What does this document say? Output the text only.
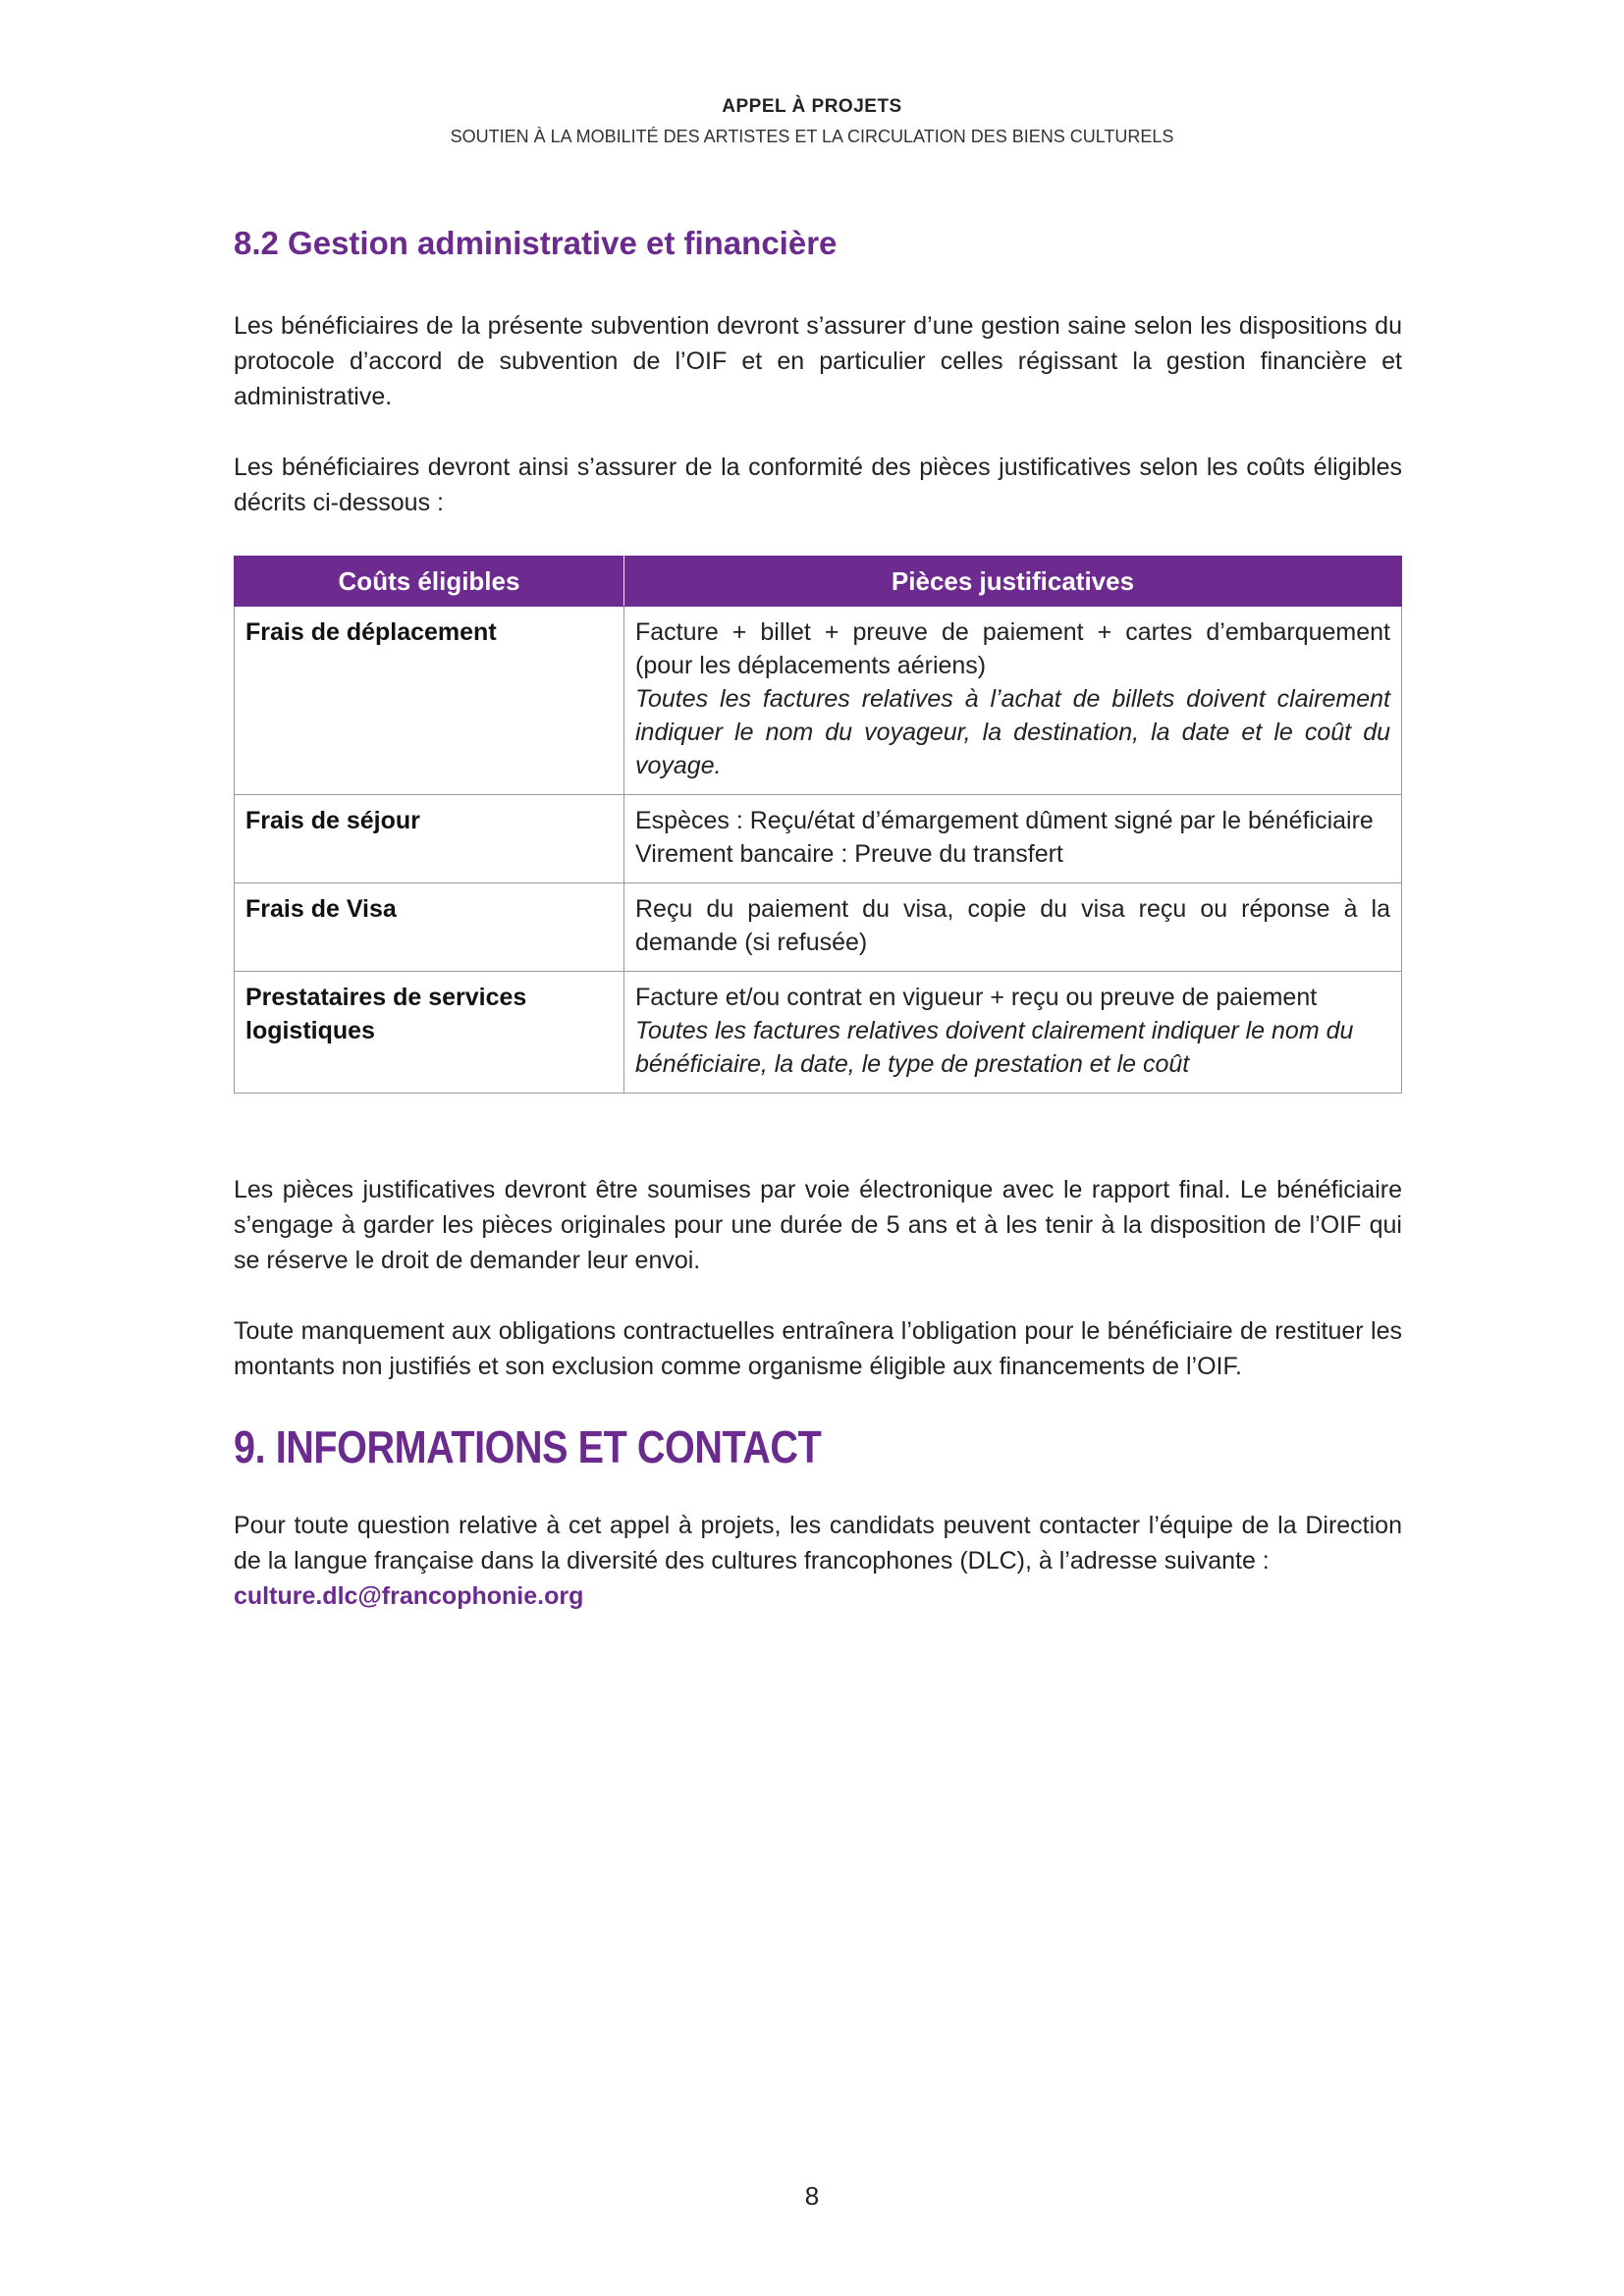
APPEL À PROJETS
SOUTIEN À LA MOBILITÉ DES ARTISTES ET LA CIRCULATION DES BIENS CULTURELS
8.2 Gestion administrative et financière

Les bénéficiaires de la présente subvention devront s’assurer d’une gestion saine selon les dispositions du protocole d’accord de subvention de l’OIF et en particulier celles régissant la gestion financière et administrative.

Les bénéficiaires devront ainsi s’assurer de la conformité des pièces justificatives selon les coûts éligibles décrits ci-dessous :

Coûts éligibles	Pièces justificatives
Frais de déplacement	Facture + billet + preuve de paiement + cartes d’embarquement (pour les déplacements aériens)
Toutes les factures relatives à l’achat de billets doivent clairement indiquer le nom du voyageur, la destination, la date et le coût du voyage.

Frais de séjour	Espèces : Reçu/état d’émargement dûment signé par le bénéficiaire
Virement bancaire : Preuve du transfert

Frais de Visa	Reçu du paiement du visa, copie du visa reçu ou réponse à la demande (si refusée)

Prestataires de services logistiques	Facture et/ou contrat en vigueur + reçu ou preuve de paiement
Toutes les factures relatives doivent clairement indiquer le nom du bénéficiaire, la date, le type de prestation et le coût

Les pièces justificatives devront être soumises par voie électronique avec le rapport final. Le bénéficiaire s’engage à garder les pièces originales pour une durée de 5 ans et à les tenir à la disposition de l’OIF qui se réserve le droit de demander leur envoi.

Toute manquement aux obligations contractuelles entraînera l’obligation pour le bénéficiaire de restituer les montants non justifiés et son exclusion comme organisme éligible aux financements de l’OIF.

9. INFORMATIONS ET CONTACT

Pour toute question relative à cet appel à projets, les candidats peuvent contacter l’équipe de la Direction de la langue française dans la diversité des cultures francophones (DLC), à l’adresse suivante :
culture.dlc@francophonie.org

8
